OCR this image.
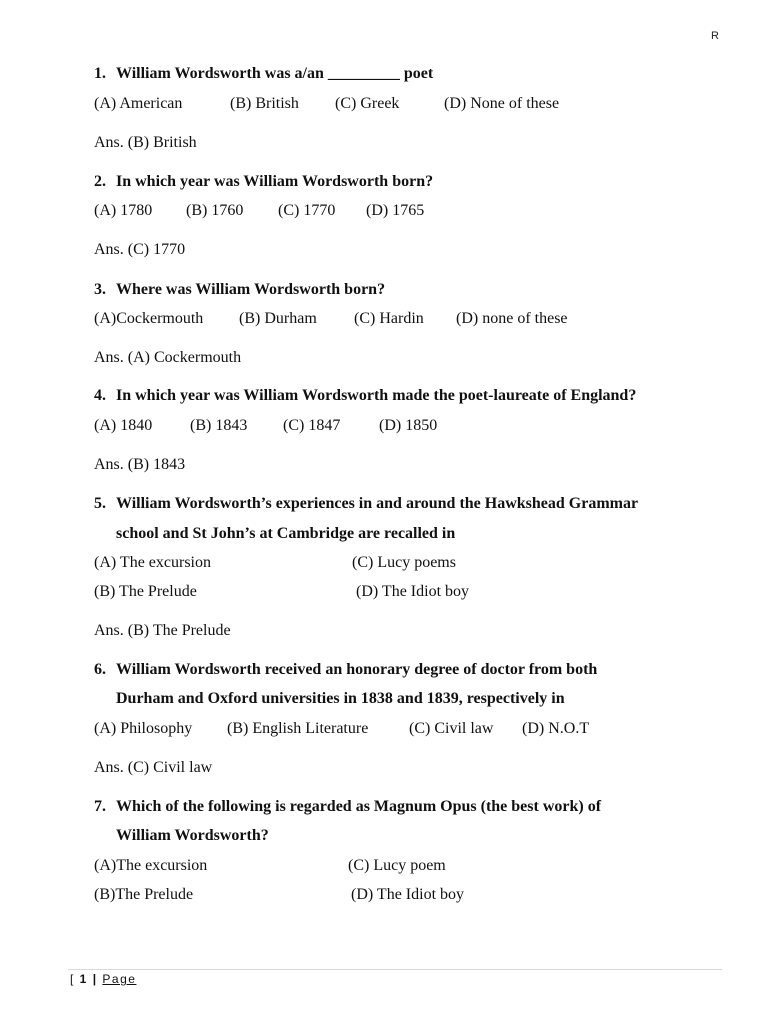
R
1. William Wordsworth was a/an _________ poet
(A) American	(B) British (C) Greek	(D) None of these
Ans. (B) British
2. In which year was William Wordsworth born?
(A) 1780 (B) 1760 (C) 1770 (D) 1765
Ans. (C) 1770
3. Where was William Wordsworth born?
(A)Cockermouth (B) Durham (C) Hardin (D) none of these
Ans. (A) Cockermouth
4. In which year was William Wordsworth made the poet-laureate of England?
(A) 1840 (B) 1843 (C) 1847 (D) 1850
Ans. (B) 1843
5. William Wordsworth’s experiences in and around the Hawkshead Grammar
school and St John’s at Cambridge are recalled in
(A) The excursion	(C) Lucy poems
(B) The Prelude	(D) The Idiot boy
Ans. (B) The Prelude
6. William Wordsworth received an honorary degree of doctor from both
Durham and Oxford universities in 1838 and 1839, respectively in
(A) Philosophy (B) English Literature	(C) Civil law (D) N.O.T
Ans. (C) Civil law
7. Which of the following is regarded as Magnum Opus (the best work) of
William Wordsworth?
(A)The excursion	(C) Lucy poem
(B)The Prelude	(D) The Idiot boy
[ 1 | Page
